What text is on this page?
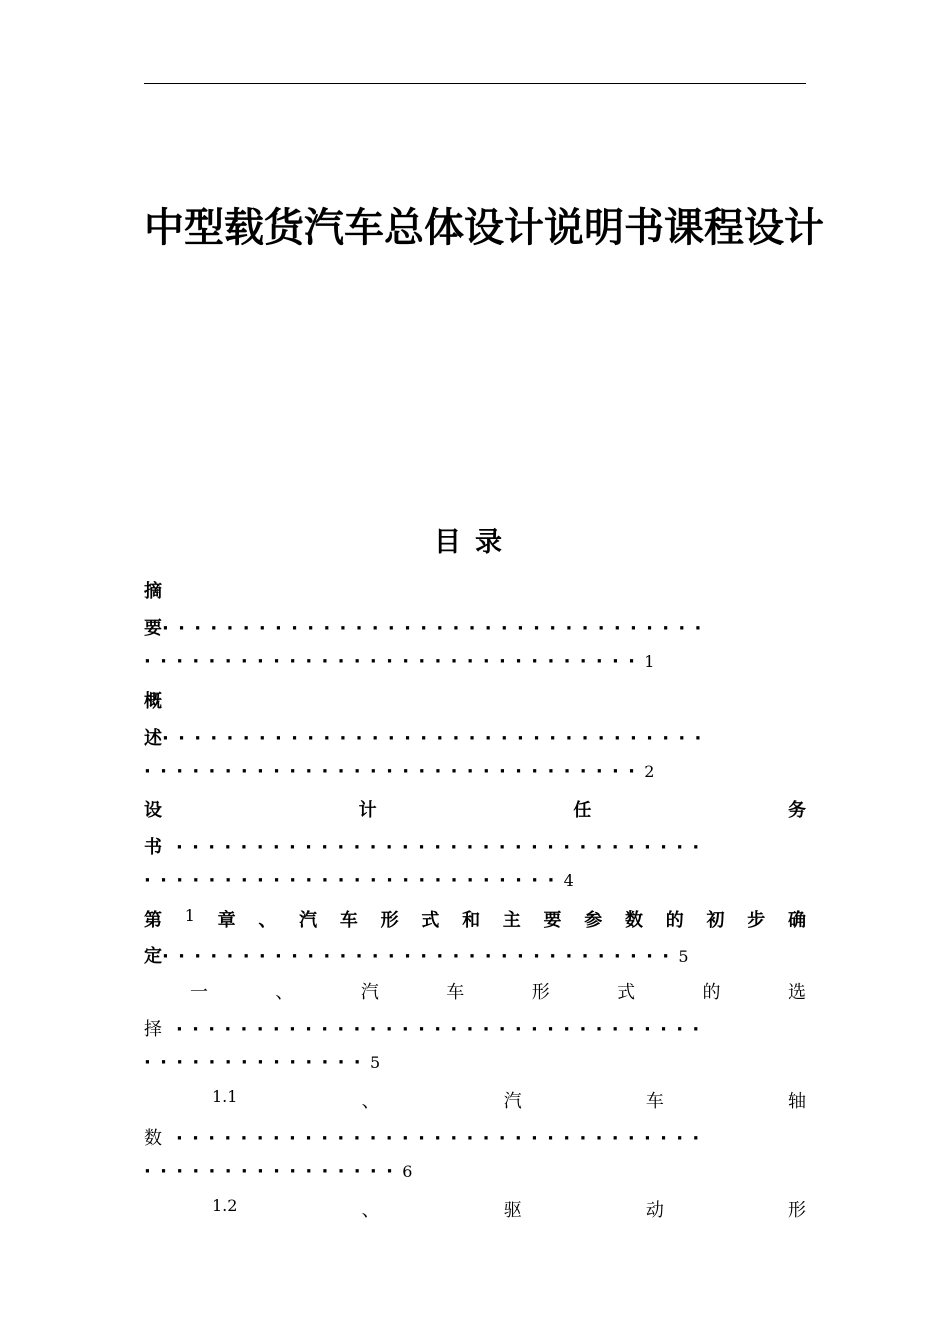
中型载货汽车总体设计说明书课程设计
目录
摘
要··································
·······························1
概
述··································
·······························2
设	计	任	务
书 ·································
··························4
第 1 章 、 汽 车 形 式 和 主 要 参 数 的 初 步 确
定································5
一	、	汽	车	形	式	的	选
择 ·································
··············5
1.1	、	汽	车	轴
数 ·································
················6
1.2	、	驱	动	形
